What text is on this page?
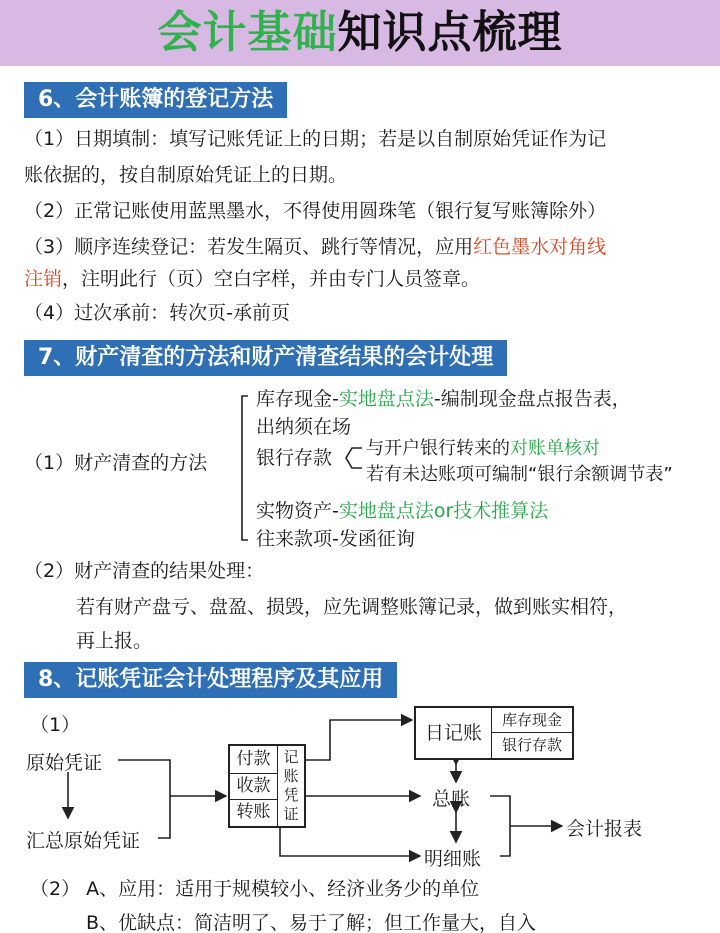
会计基础知识点梳理
6、会计账簿的登记方法
（1）日期填制：填写记账凭证上的日期；若是以自制原始凭证作为记
账依据的，按自制原始凭证上的日期。
（2）正常记账使用蓝黑墨水，不得使用圆珠笔（银行复写账簿除外）
（3）顺序连续登记：若发生隔页、跳行等情况，应用红色墨水对角线
注销，注明此行（页）空白字样，并由专门人员签章。
（4）过次承前：转次页-承前页
7、财产清查的方法和财产清查结果的会计处理
（1）财产清查的方法
库存现金-实地盘点法-编制现金盘点报告表，
出纳须在场
银行存款 与开户银行转来的对账单核对
若有未达账项可编制“银行余额调节表”
实物资产-实地盘点法or技术推算法
往来款项-发函征询
（2）财产清查的结果处理：
若有财产盘亏、盘盈、损毁，应先调整账簿记录，做到账实相符，
再上报。
8、记账凭证会计处理程序及其应用
（1）
原始凭证
汇总原始凭证
付款
收款
转账
记
账
凭
证
日记账
库存现金
银行存款
总账
明细账
会计报表
（2） A、应用：适用于规模较小、经济业务少的单位
B、优缺点：简洁明了、易于了解；但工作量大，自入
